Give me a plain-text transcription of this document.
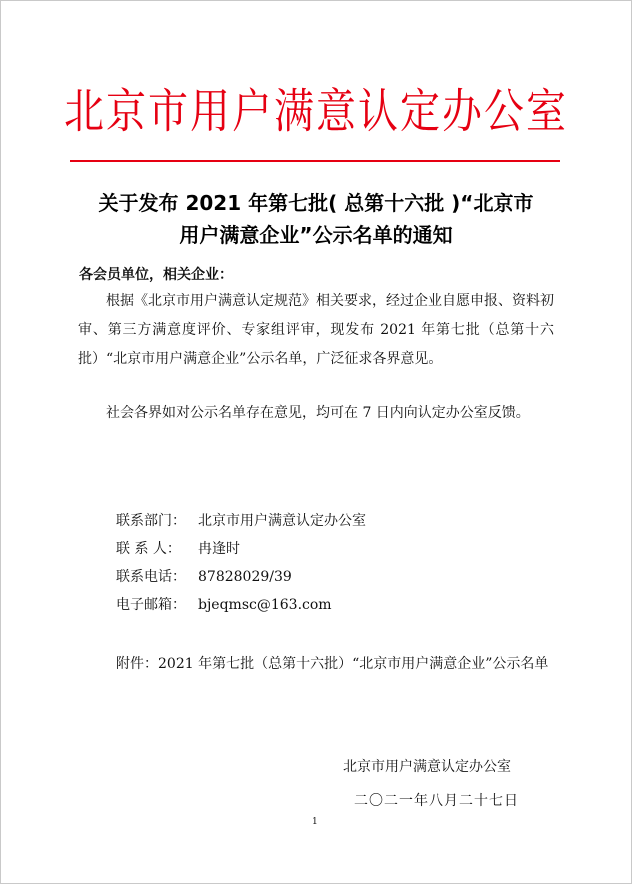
北京市用户满意认定办公室
关于发布 2021 年第七批( 总第十六批 )“北京市
用户满意企业”公示名单的通知
各会员单位，相关企业：

根据《北京市用户满意认定规范》相关要求，经过企业自愿申报、资料初审、第三方满意度评价、专家组评审，现发布 2021 年第七批（总第十六批）“北京市用户满意企业”公示名单，广泛征求各界意见。

社会各界如对公示名单存在意见，均可在 7 日内向认定办公室反馈。

联系部门： 北京市用户满意认定办公室
联 系 人： 冉逢时
联系电话： 87828029/39
电子邮箱： bjeqmsc@163.com

附件：2021 年第七批（总第十六批）“北京市用户满意企业”公示名单

北京市用户满意认定办公室
二〇二一年八月二十七日
1
